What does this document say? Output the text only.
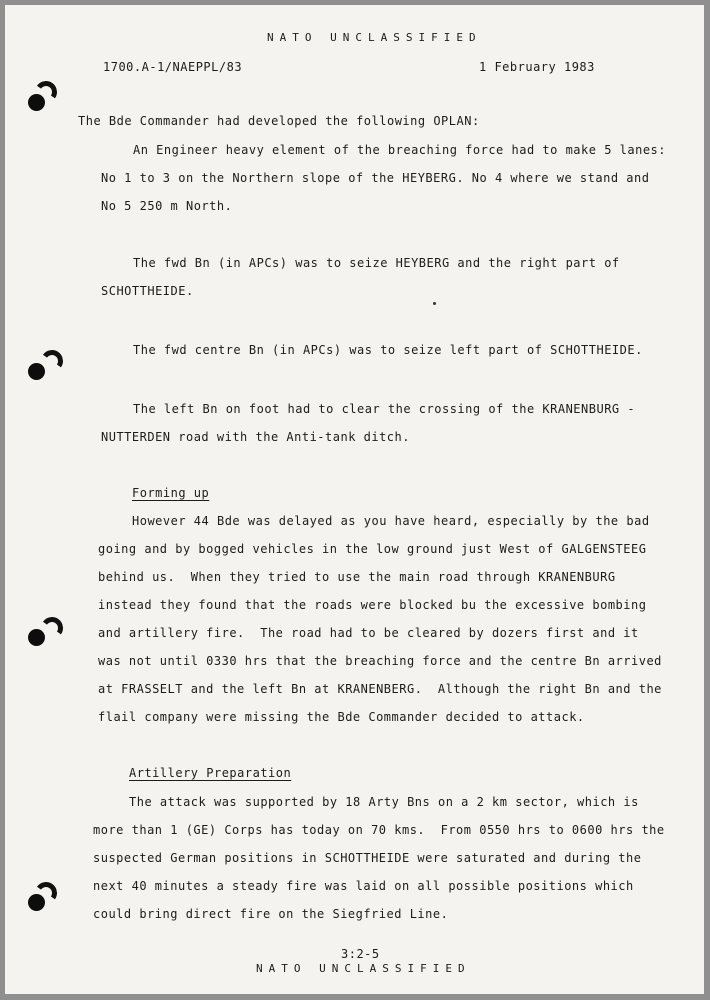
NATO UNCLASSIFIED
1700.A-1/NAEPPL/83	1 February 1983
The Bde Commander had developed the following OPLAN:
An Engineer heavy element of the breaching force had to make 5 lanes:
No 1 to 3 on the Northern slope of the HEYBERG. No 4 where we stand and
No 5 250 m North.
The fwd Bn (in APCs) was to seize HEYBERG and the right part of
SCHOTTHEIDE.
The fwd centre Bn (in APCs) was to seize left part of SCHOTTHEIDE.
The left Bn on foot had to clear the crossing of the KRANENBURG -
NUTTERDEN road with the Anti-tank ditch.
Forming up
However 44 Bde was delayed as you have heard, especially by the bad
going and by bogged vehicles in the low ground just West of GALGENSTEEG
behind us.  When they tried to use the main road through KRANENBURG
instead they found that the roads were blocked bu the excessive bombing
and artillery fire.  The road had to be cleared by dozers first and it
was not until 0330 hrs that the breaching force and the centre Bn arrived
at FRASSELT and the left Bn at KRANENBERG.  Although the right Bn and the
flail company were missing the Bde Commander decided to attack.
Artillery Preparation
The attack was supported by 18 Arty Bns on a 2 km sector, which is
more than 1 (GE) Corps has today on 70 kms.  From 0550 hrs to 0600 hrs the
suspected German positions in SCHOTTHEIDE were saturated and during the
next 40 minutes a steady fire was laid on all possible positions which
could bring direct fire on the Siegfried Line.
3:2-5
NATO UNCLASSIFIED
